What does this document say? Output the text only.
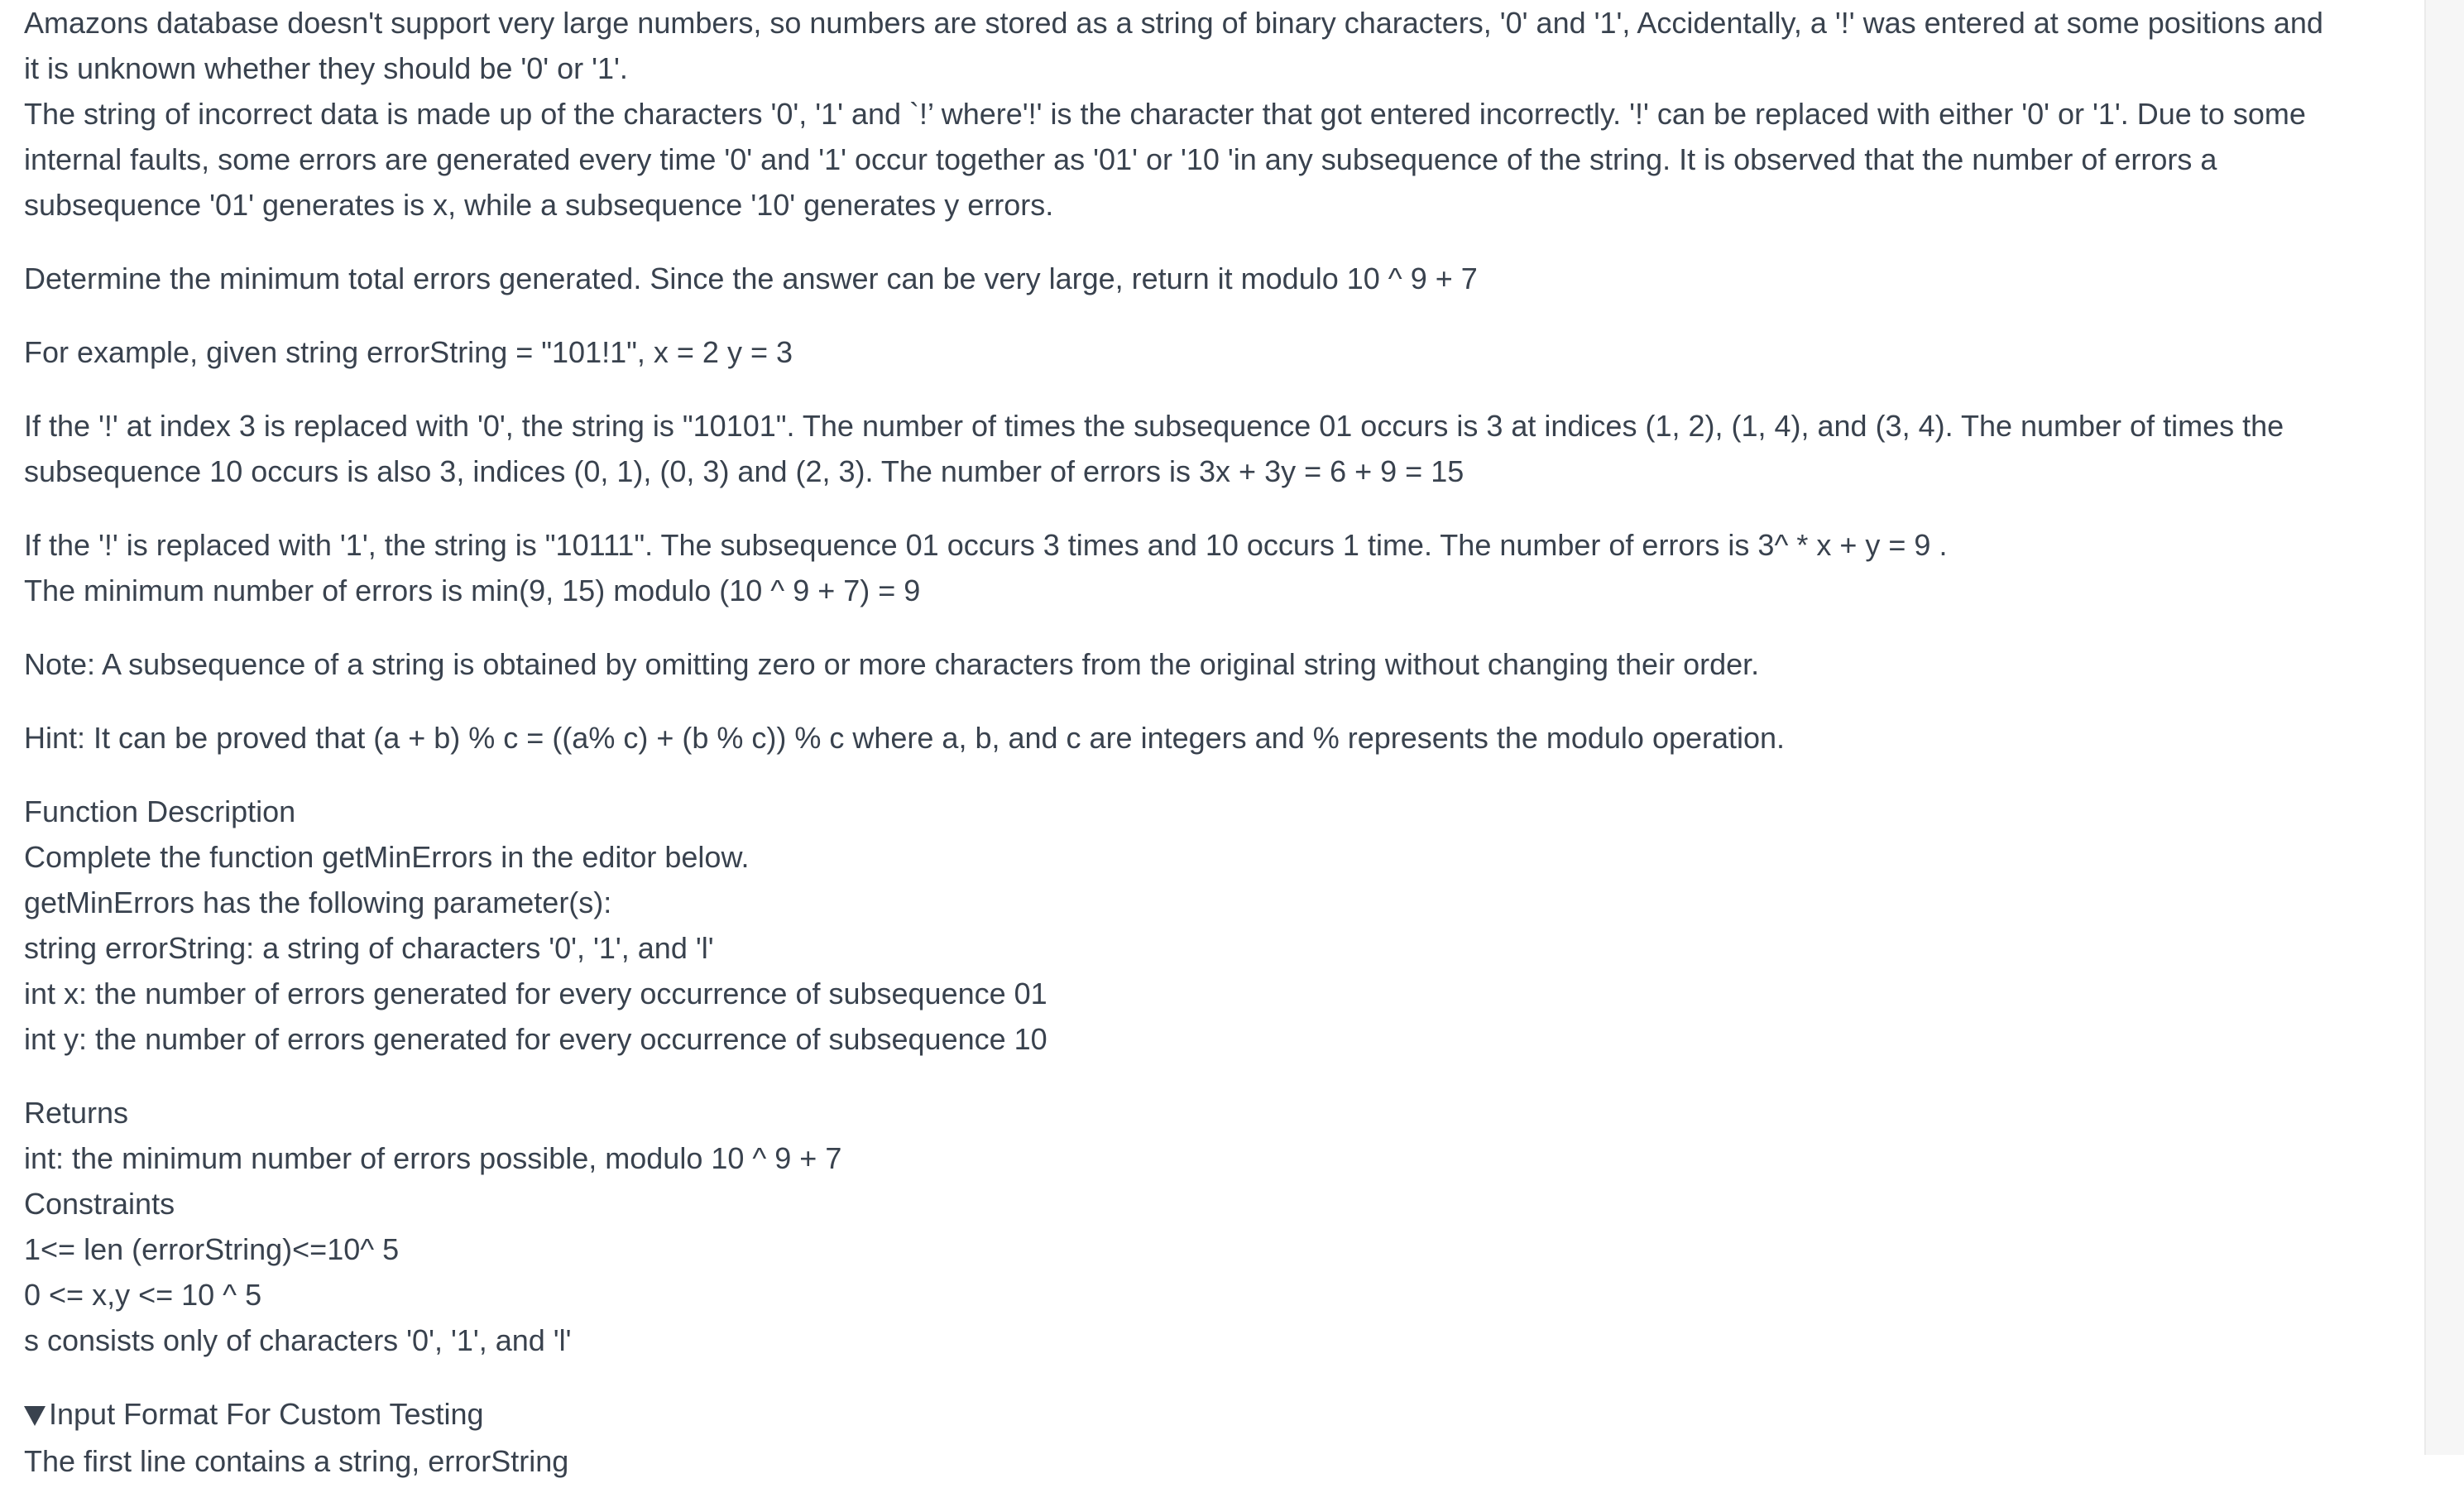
Amazons database doesn't support very large numbers, so numbers are stored as a string of binary characters, '0' and '1', Accidentally, a '!' was entered at some positions and
it is unknown whether they should be '0' or '1'.
The string of incorrect data is made up of the characters '0', '1' and `!’ where'!' is the character that got entered incorrectly. '!' can be replaced with either '0' or '1'. Due to some
internal faults, some errors are generated every time '0' and '1' occur together as '01' or '10 'in any subsequence of the string. It is observed that the number of errors a
subsequence '01' generates is x, while a subsequence '10' generates y errors.
Determine the minimum total errors generated. Since the answer can be very large, return it modulo 10 ^ 9 + 7
For example, given string errorString = "101!1", x = 2 y = 3
If the '!' at index 3 is replaced with '0', the string is "10101". The number of times the subsequence 01 occurs is 3 at indices (1, 2), (1, 4), and (3, 4). The number of times the
subsequence 10 occurs is also 3, indices (0, 1), (0, 3) and (2, 3). The number of errors is 3x + 3y = 6 + 9 = 15
If the '!' is replaced with '1', the string is "10111". The subsequence 01 occurs 3 times and 10 occurs 1 time. The number of errors is 3^ * x + y = 9 .
The minimum number of errors is min(9, 15) modulo (10 ^ 9 + 7) = 9
Note: A subsequence of a string is obtained by omitting zero or more characters from the original string without changing their order.
Hint: It can be proved that (a + b) % c = ((a% c) + (b % c)) % c where a, b, and c are integers and % represents the modulo operation.
Function Description
Complete the function getMinErrors in the editor below.
getMinErrors has the following parameter(s):
string errorString: a string of characters '0', '1', and 'l'
int x: the number of errors generated for every occurrence of subsequence 01
int y: the number of errors generated for every occurrence of subsequence 10
Returns
int: the minimum number of errors possible, modulo 10 ^ 9 + 7
Constraints
1<= len (errorString)<=10^ 5
0 <= x,y <= 10 ^ 5
s consists only of characters '0', '1', and 'l'
Input Format For Custom Testing
The first line contains a string, errorString
